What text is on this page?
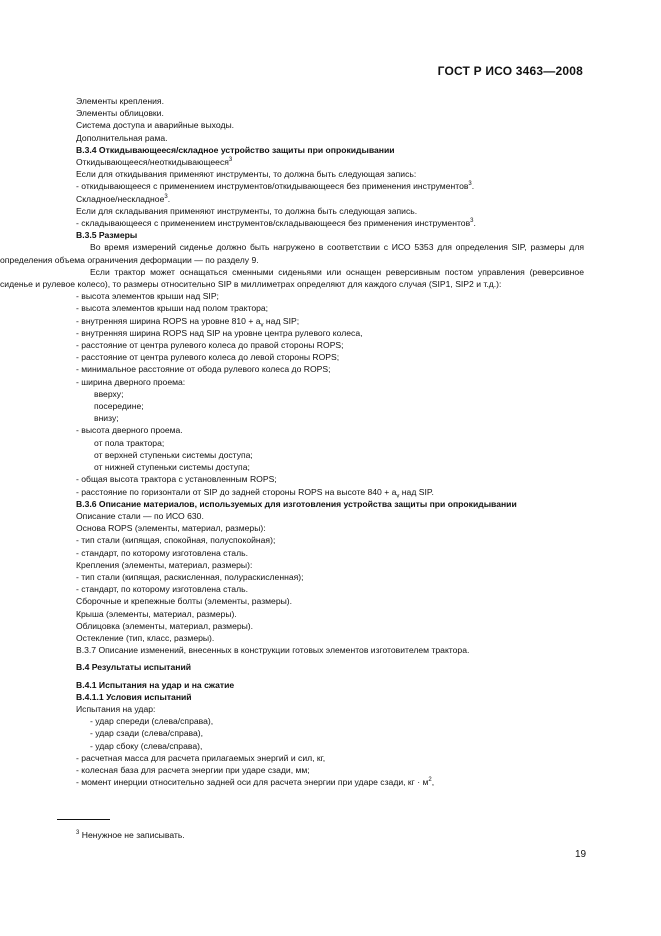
ГОСТ Р ИСО 3463—2008
Элементы крепления.
Элементы облицовки.
Система доступа и аварийные выходы.
Дополнительная рама.
В.3.4 Откидывающееся/складное устройство защиты при опрокидывании
Откидывающееся/неоткидывающееся$^3$
Если для откидывания применяют инструменты, то должна быть следующая запись:
- откидывающееся с применением инструментов/откидывающееся без применения инструментов$^3$.
Складное/нескладное$^3$.
Если для складывания применяют инструменты, то должна быть следующая запись.
- складывающееся с применением инструментов/складывающееся без применения инструментов$^3$.
В.3.5 Размеры
Во время измерений сиденье должно быть нагружено в соответствии с ИСО 5353 для определения SIP, размеры для определения объема ограничения деформации — по разделу 9.
Если трактор может оснащаться сменными сиденьями или оснащен реверсивным постом управления (реверсивное сиденье и рулевое колесо), то размеры относительно SIP в миллиметрах определяют для каждого случая (SIP1, SIP2 и т.д.):
- высота элементов крыши над SIP;
- высота элементов крыши над полом трактора;
- внутренняя ширина ROPS на уровне $810 + а_v$ над SIP;
- внутренняя ширина ROPS над SIP на уровне центра рулевого колеса,
- расстояние от центра рулевого колеса до правой стороны ROPS;
- расстояние от центра рулевого колеса до левой стороны ROPS;
- минимальное расстояние от обода рулевого колеса до ROPS;
- ширина дверного проема:
вверху;
посередине;
внизу;
- высота дверного проема.
от пола трактора;
от верхней ступеньки системы доступа;
от нижней ступеньки системы доступа;
- общая высота трактора с установленным ROPS;
- расстояние по горизонтали от SIP до задней стороны ROPS на высоте $840 + а_v$ над SIP.
В.3.6 Описание материалов, используемых для изготовления устройства защиты при опрокидывании
Описание стали — по ИСО 630.
Основа ROPS (элементы, материал, размеры):
- тип стали (кипящая, спокойная, полуспокойная);
- стандарт, по которому изготовлена сталь.
Крепления (элементы, материал, размеры):
- тип стали (кипящая, раскисленная, полураскисленная);
- стандарт, по которому изготовлена сталь.
Сборочные и крепежные болты (элементы, размеры).
Крыша (элементы, материал, размеры).
Облицовка (элементы, материал, размеры).
Остекление (тип, класс, размеры).
В.3.7 Описание изменений, внесенных в конструкции готовых элементов изготовителем трактора.
В.4 Результаты испытаний
В.4.1 Испытания на удар и на сжатие
В.4.1.1 Условия испытаний
Испытания на удар:
- удар спереди (слева/справа),
- удар сзади (слева/справа),
- удар сбоку (слева/справа),
- расчетная масса для расчета прилагаемых энергий и сил, кг,
- колесная база для расчета энергии при ударе сзади, мм;
- момент инерции относительно задней оси для расчета энергии при ударе сзади, кг · $м^2$,
$^3$ Ненужное не записывать.
19
